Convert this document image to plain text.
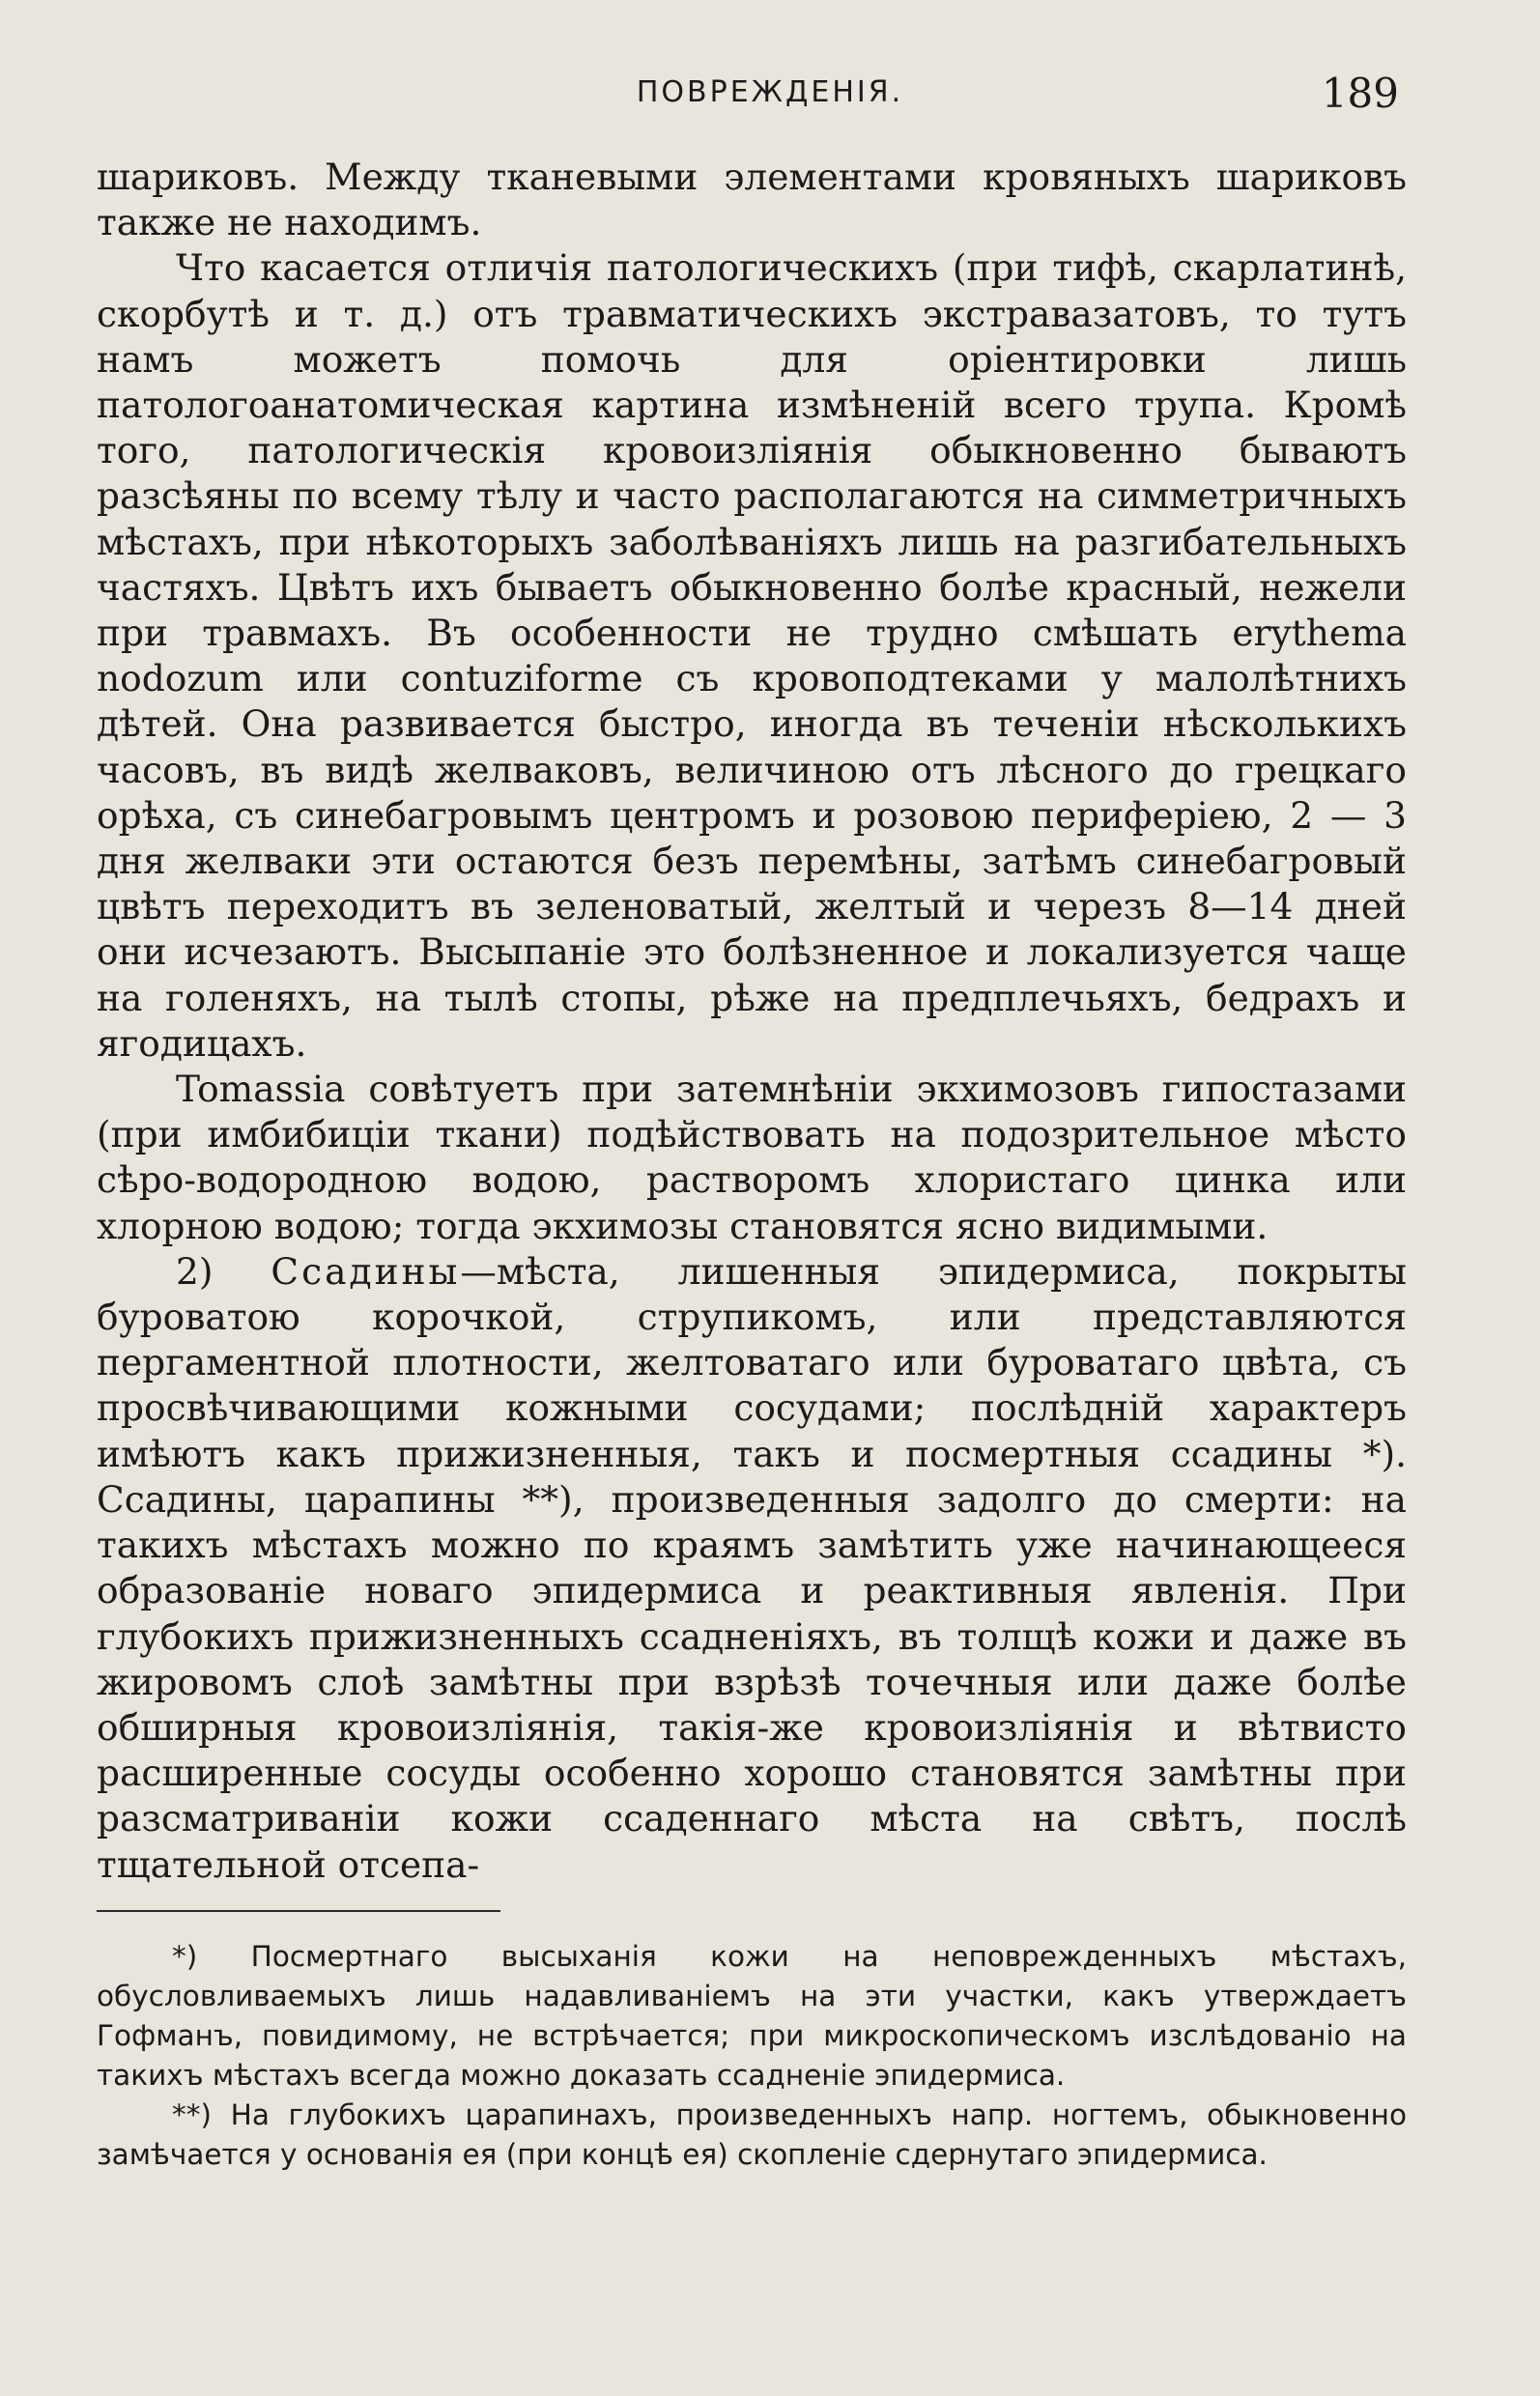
ПОВРЕЖДЕНІЯ.	189

шариковъ. Между тканевыми элементами кровяныхъ шариковъ также не находимъ.

Что касается отличія патологическихъ (при тифѣ, скарлатинѣ, скорбутѣ и т. д.) отъ травматическихъ экстравазатовъ, то тутъ намъ можетъ помочь для оріентировки лишь патологоанатомическая картина измѣненій всего трупа. Кромѣ того, патологическія кровоизліянія обыкновенно бываютъ разсѣяны по всему тѣлу и часто располагаются на симметричныхъ мѣстахъ, при нѣкоторыхъ заболѣваніяхъ лишь на разгибательныхъ частяхъ. Цвѣтъ ихъ бываетъ обыкновенно болѣе красный, нежели при травмахъ. Въ особенности не трудно смѣшать erythema nodozum или contuziforme съ кровоподтеками у малолѣтнихъ дѣтей. Она развивается быстро, иногда въ теченіи нѣсколькихъ часовъ, въ видѣ желваковъ, величиною отъ лѣсного до грецкаго орѣха, съ синебагровымъ центромъ и розовою периферіею, 2 — 3 дня желваки эти остаются безъ перемѣны, затѣмъ синебагровый цвѣтъ переходитъ въ зеленоватый, желтый и черезъ 8—14 дней они исчезаютъ. Высыпаніе это болѣзненное и локализуется чаще на голеняхъ, на тылѣ стопы, рѣже на предплечьяхъ, бедрахъ и ягодицахъ.

Tomassia совѣтуетъ при затемнѣніи экхимозовъ гипостазами (при имбибиціи ткани) подѣйствовать на подозрительное мѣсто сѣро-водородною водою, растворомъ хлористаго цинка или хлорною водою; тогда экхимозы становятся ясно видимыми.

2) Ссадины—мѣста, лишенныя эпидермиса, покрыты буроватою корочкой, струпикомъ, или представляются пергаментной плотности, желтоватаго или буроватаго цвѣта, съ просвѣчивающими кожными сосудами; послѣдній характеръ имѣютъ какъ прижизненныя, такъ и посмертныя ссадины *). Ссадины, царапины **), произведенныя задолго до смерти: на такихъ мѣстахъ можно по краямъ замѣтить уже начинающееся образованіе новаго эпидермиса и реактивныя явленія. При глубокихъ прижизненныхъ ссадненіяхъ, въ толщѣ кожи и даже въ жировомъ слоѣ замѣтны при взрѣзѣ точечныя или даже болѣе обширныя кровоизліянія, такія-же кровоизліянія и вѣтвисто расширенные сосуды особенно хорошо становятся замѣтны при разсматриваніи кожи ссаденнаго мѣста на свѣтъ, послѣ тщательной отсепа-

*) Посмертнаго высыханія кожи на неповрежденныхъ мѣстахъ, обусловливаемыхъ лишь надавливаніемъ на эти участки, какъ утверждаетъ Гофманъ, повидимому, не встрѣчается; при микроскопическомъ изслѣдованіо на такихъ мѣстахъ всегда можно доказать ссадненіе эпидермиса.

**) На глубокихъ царапинахъ, произведенныхъ напр. ногтемъ, обыкновенно замѣчается у основанія ея (при концѣ ея) скопленіе сдернутаго эпидермиса.
